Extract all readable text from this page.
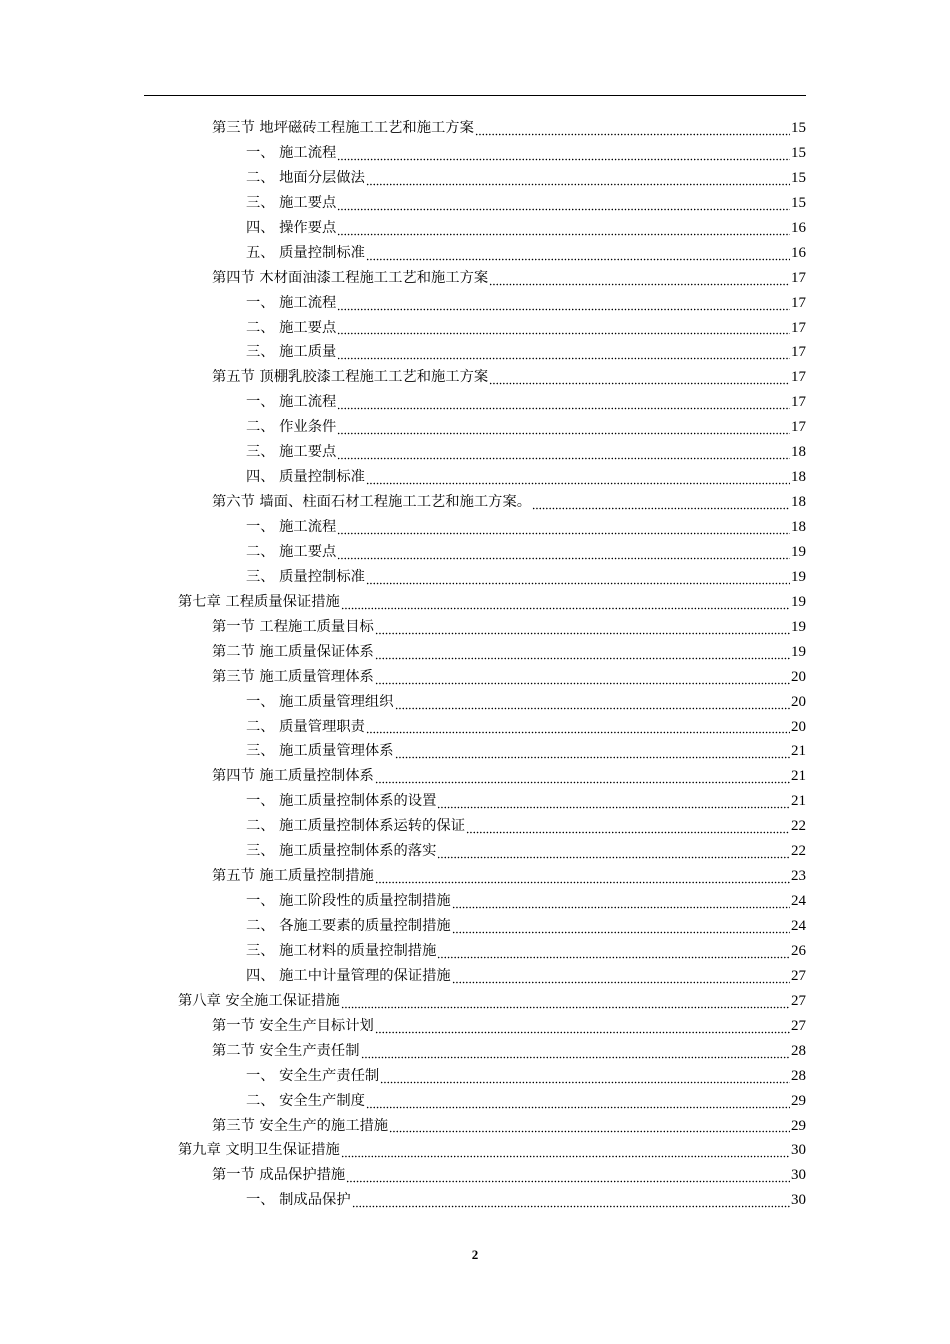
第三节 地坪磁砖工程施工工艺和施工方案	15
一、 施工流程	15
二、 地面分层做法	15
三、 施工要点	15
四、 操作要点	16
五、 质量控制标准	16
第四节 木材面油漆工程施工工艺和施工方案	17
一、 施工流程	17
二、 施工要点	17
三、 施工质量	17
第五节 顶棚乳胶漆工程施工工艺和施工方案	17
一、 施工流程	17
二、 作业条件	17
三、 施工要点	18
四、 质量控制标准	18
第六节 墙面、柱面石材工程施工工艺和施工方案。	18
一、 施工流程	18
二、 施工要点	19
三、 质量控制标准	19
第七章 工程质量保证措施	19
第一节 工程施工质量目标	19
第二节 施工质量保证体系	19
第三节 施工质量管理体系	20
一、 施工质量管理组织	20
二、 质量管理职责	20
三、 施工质量管理体系	21
第四节 施工质量控制体系	21
一、 施工质量控制体系的设置	21
二、 施工质量控制体系运转的保证	22
三、 施工质量控制体系的落实	22
第五节 施工质量控制措施	23
一、 施工阶段性的质量控制措施	24
二、 各施工要素的质量控制措施	24
三、 施工材料的质量控制措施	26
四、 施工中计量管理的保证措施	27
第八章 安全施工保证措施	27
第一节 安全生产目标计划	27
第二节 安全生产责任制	28
一、 安全生产责任制	28
二、 安全生产制度	29
第三节 安全生产的施工措施	29
第九章 文明卫生保证措施	30
第一节 成品保护措施	30
一、 制成品保护	30
2
